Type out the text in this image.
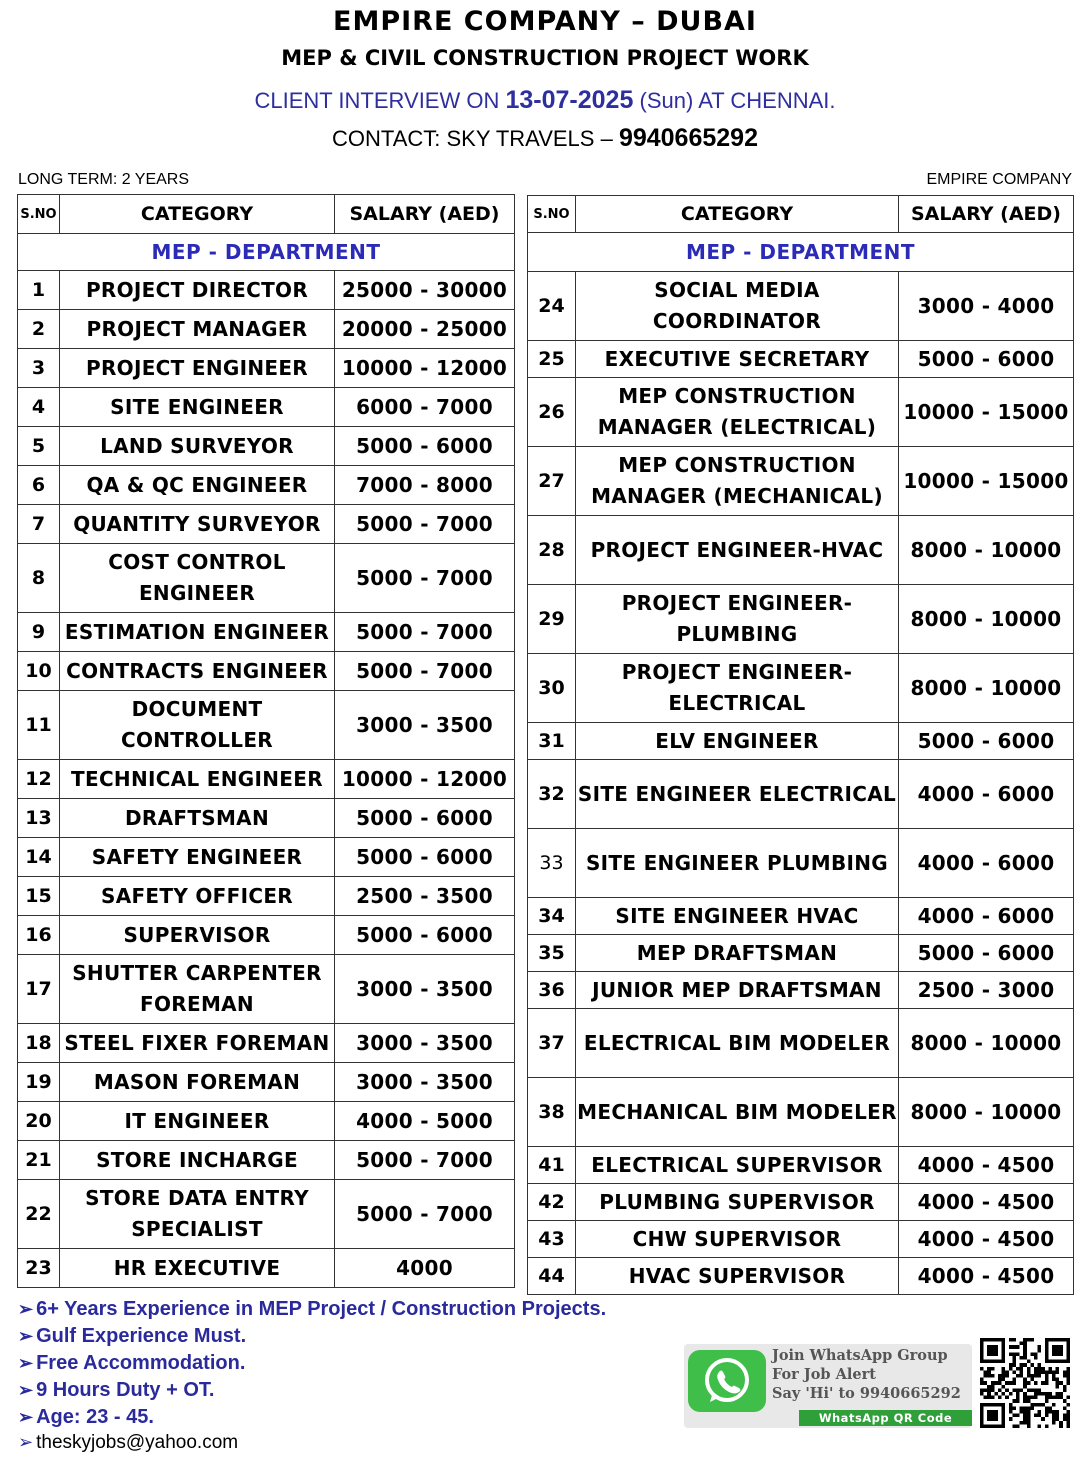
EMPIRE COMPANY – DUBAI
MEP & CIVIL CONSTRUCTION PROJECT WORK
CLIENT INTERVIEW ON 13-07-2025 (Sun) AT CHENNAI.
CONTACT: SKY TRAVELS – 9940665292
LONG TERM: 2 YEARS	EMPIRE COMPANY
S.NO	CATEGORY	SALARY (AED)
MEP - DEPARTMENT		
1	PROJECT DIRECTOR	25000 - 30000
2	PROJECT MANAGER	20000 - 25000
3	PROJECT ENGINEER	10000 - 12000
4	SITE ENGINEER	6000 - 7000
5	LAND SURVEYOR	5000 - 6000
6	QA & QC ENGINEER	7000 - 8000
7	QUANTITY SURVEYOR	5000 - 7000
8	COST CONTROL ENGINEER	5000 - 7000
9	ESTIMATION ENGINEER	5000 - 7000
10	CONTRACTS ENGINEER	5000 - 7000
11	DOCUMENT CONTROLLER	3000 - 3500
12	TECHNICAL ENGINEER	10000 - 12000
13	DRAFTSMAN	5000 - 6000
14	SAFETY ENGINEER	5000 - 6000
15	SAFETY OFFICER	2500 - 3500
16	SUPERVISOR	5000 - 6000
17	SHUTTER CARPENTER FOREMAN	3000 - 3500
18	STEEL FIXER FOREMAN	3000 - 3500
19	MASON FOREMAN	3000 - 3500
20	IT ENGINEER	4000 - 5000
21	STORE INCHARGE	5000 - 7000
22	STORE DATA ENTRY SPECIALIST	5000 - 7000
23	HR EXECUTIVE	4000
S.NO	CATEGORY	SALARY (AED)
MEP - DEPARTMENT		
24	SOCIAL MEDIA COORDINATOR	3000 - 4000
25	EXECUTIVE SECRETARY	5000 - 6000
26	MEP CONSTRUCTION MANAGER (ELECTRICAL)	10000 - 15000
27	MEP CONSTRUCTION MANAGER (MECHANICAL)	10000 - 15000
28	PROJECT ENGINEER-HVAC	8000 - 10000
29	PROJECT ENGINEER-PLUMBING	8000 - 10000
30	PROJECT ENGINEER-ELECTRICAL	8000 - 10000
31	ELV ENGINEER	5000 - 6000
32	SITE ENGINEER ELECTRICAL	4000 - 6000
33	SITE ENGINEER PLUMBING	4000 - 6000
34	SITE ENGINEER HVAC	4000 - 6000
35	MEP DRAFTSMAN	5000 - 6000
36	JUNIOR MEP DRAFTSMAN	2500 - 3000
37	ELECTRICAL BIM MODELER	8000 - 10000
38	MECHANICAL BIM MODELER	8000 - 10000
41	ELECTRICAL SUPERVISOR	4000 - 4500
42	PLUMBING SUPERVISOR	4000 - 4500
43	CHW SUPERVISOR	4000 - 4500
44	HVAC SUPERVISOR	4000 - 4500
➢ 6+ Years Experience in MEP Project / Construction Projects.
➢ Gulf Experience Must.
➢ Free Accommodation.
➢ 9 Hours Duty + OT.
➢ Age: 23 - 45.
➢ theskyjobs@yahoo.com
Join WhatsApp Group
For Job Alert
Say 'Hi' to 9940665292
WhatsApp QR Code
